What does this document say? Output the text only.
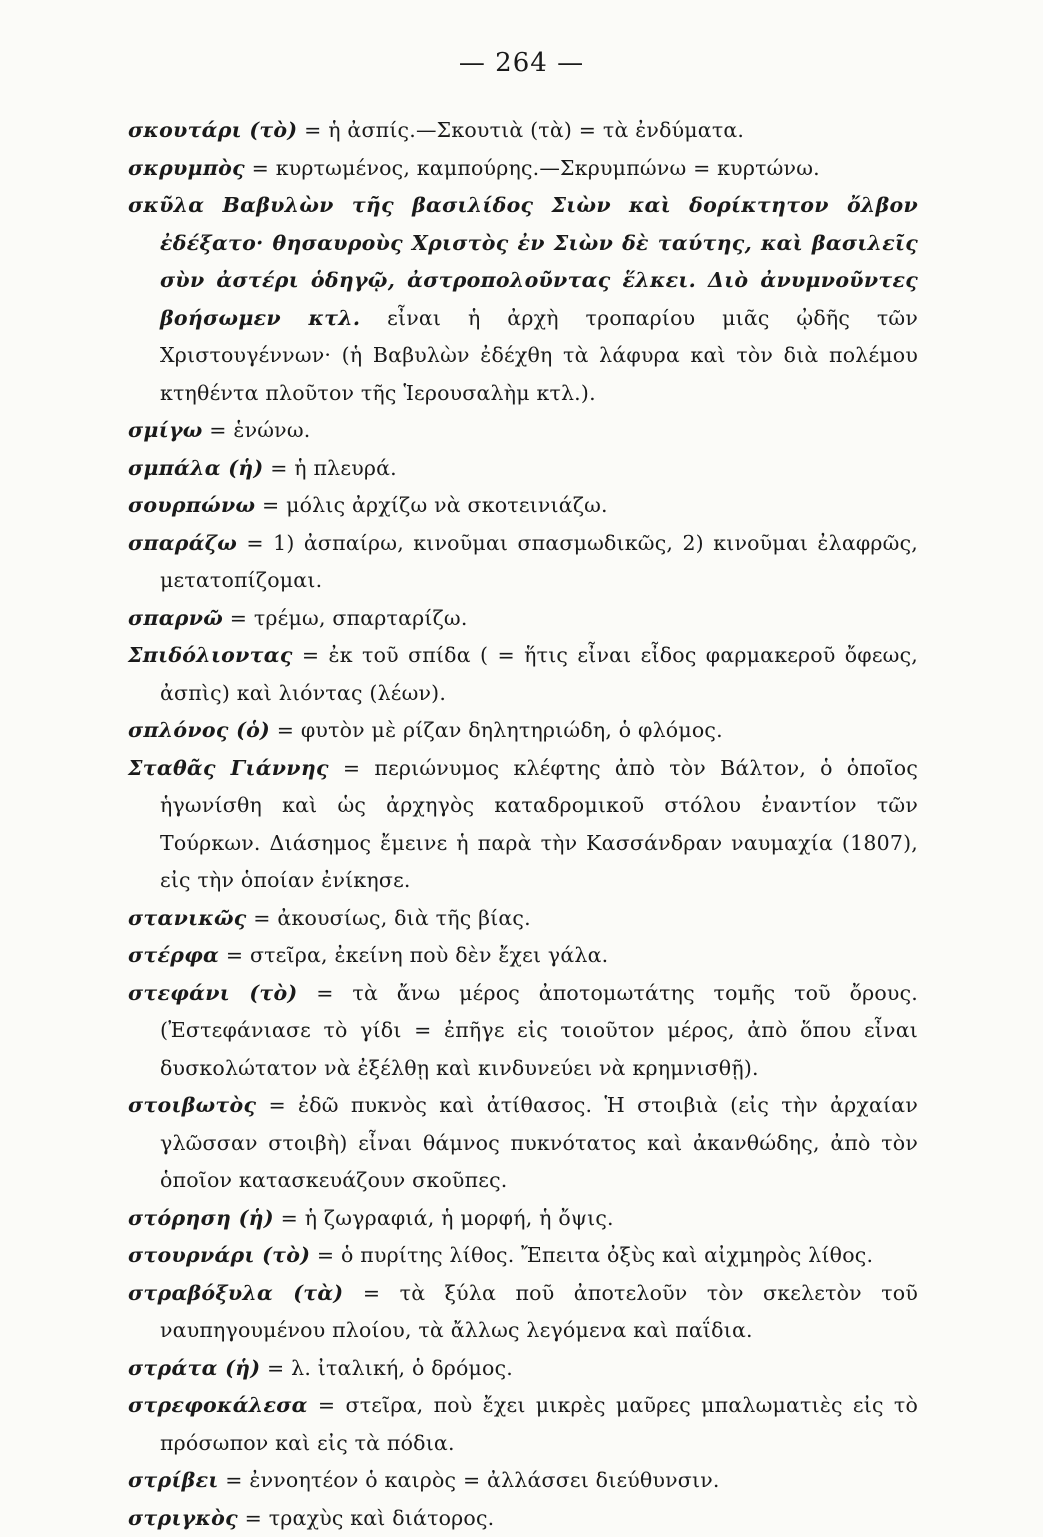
— 264 —

σκουτάρι (τὸ) = ἡ ἀσπίς.—Σκουτιὰ (τὰ) = τὰ ἐνδύματα.

σκρυμπὸς = κυρτωμένος, καμπούρης.—Σκρυμπώνω = κυρτώνω.

σκῦλα Βαβυλὼν τῆς βασιλίδος Σιὼν καὶ δορίκτητον ὄλβον ἐδέξατο· θησαυροὺς Χριστὸς ἐν Σιὼν δὲ ταύτης, καὶ βασιλεῖς σὺν ἀστέρι ὁδηγῷ, ἀστροπολοῦντας ἕλκει. Διὸ ἀνυμνοῦντες βοήσωμεν κτλ. εἶναι ἡ ἀρχὴ τροπαρίου μιᾶς ᾠδῆς τῶν Χριστουγέννων· (ἡ Βαβυλὼν ἐδέχθη τὰ λάφυρα καὶ τὸν διὰ πολέμου κτηθέντα πλοῦτον τῆς Ἱερουσαλὴμ κτλ.).

σμίγω = ἑνώνω.

σμπάλα (ἡ) = ἡ πλευρά.

σουρπώνω = μόλις ἀρχίζω νὰ σκοτεινιάζω.

σπαράζω = 1) ἀσπαίρω, κινοῦμαι σπασμωδικῶς, 2) κινοῦμαι ἐλαφρῶς, μετατοπίζομαι.

σπαρνῶ = τρέμω, σπαρταρίζω.

Σπιδόλιοντας = ἐκ τοῦ σπίδα ( = ἥτις εἶναι εἶδος φαρμακεροῦ ὄφεως, ἀσπὶς) καὶ λιόντας (λέων).

σπλόνος (ὁ) = φυτὸν μὲ ρίζαν δηλητηριώδη, ὁ φλόμος.

Σταθᾶς Γιάννης = περιώνυμος κλέφτης ἀπὸ τὸν Βάλτον, ὁ ὁποῖος ἡγωνίσθη καὶ ὡς ἀρχηγὸς καταδρομικοῦ στόλου ἐναντίον τῶν Τούρκων. Διάσημος ἔμεινε ἡ παρὰ τὴν Κασσάνδραν ναυμαχία (1807), εἰς τὴν ὁποίαν ἐνίκησε.

στανικῶς = ἀκουσίως, διὰ τῆς βίας.

στέρφα = στεῖρα, ἐκείνη ποὺ δὲν ἔχει γάλα.

στεφάνι (τὸ) = τὰ ἄνω μέρος ἀποτομωτάτης τομῆς τοῦ ὄρους. (Ἐστεφάνιασε τὸ γίδι = ἐπῆγε εἰς τοιοῦτον μέρος, ἀπὸ ὅπου εἶναι δυσκολώτατον νὰ ἐξέλθῃ καὶ κινδυνεύει νὰ κρημνισθῇ).

στοιβωτὸς = ἐδῶ πυκνὸς καὶ ἀτίθασος. Ἡ στοιβιὰ (εἰς τὴν ἀρχαίαν γλῶσσαν στοιβὴ) εἶναι θάμνος πυκνότατος καὶ ἀκανθώδης, ἀπὸ τὸν ὁποῖον κατασκευάζουν σκοῦπες.

στόρηση (ἡ) = ἡ ζωγραφιά, ἡ μορφή, ἡ ὄψις.

στουρνάρι (τὸ) = ὁ πυρίτης λίθος. Ἔπειτα ὀξὺς καὶ αἰχμηρὸς λίθος.

στραβόξυλα (τὰ) = τὰ ξύλα ποῦ ἀποτελοῦν τὸν σκελετὸν τοῦ ναυπηγουμένου πλοίου, τὰ ἄλλως λεγόμενα καὶ παΐδια.

στράτα (ἡ) = λ. ἰταλική, ὁ δρόμος.

στρεφοκάλεσα = στεῖρα, ποὺ ἔχει μικρὲς μαῦρες μπαλωματιὲς εἰς τὸ πρόσωπον καὶ εἰς τὰ πόδια.

στρίβει = ἐννοητέον ὁ καιρὸς = ἀλλάσσει διεύθυνσιν.

στριγκὸς = τραχὺς καὶ διάτορος.
